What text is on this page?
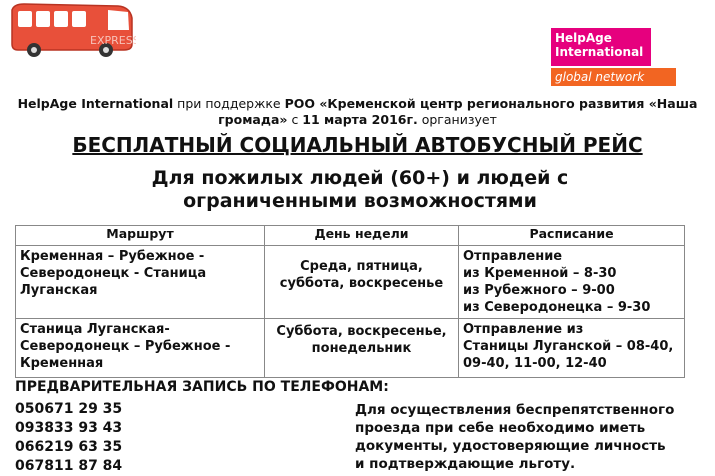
EXPRESS	HelpAge
International
global network
HelpAge International при поддержке РОО «Кременской центр регионального развития «Наша громада» с 11 марта 2016г. организует
БЕСПЛАТНЫЙ СОЦИАЛЬНЫЙ АВТОБУСНЫЙ РЕЙС
Для пожилых людей (60+) и людей с ограниченными возможностями
Маршрут	День недели	Расписание
Кременная – Рубежное - Северодонецк - Станица Луганская	Среда, пятница, суббота, воскресенье	Отправление
из Кременной – 8-30
из Рубежного – 9-00
из Северодонецка – 9-30

Станица Луганская- Северодонецк – Рубежное - Кременная	Суббота, воскресенье, понедельник	Отправление из
Станицы Луганской – 08-40,
09-40, 11-00, 12-40
ПРЕДВАРИТЕЛЬНАЯ ЗАПИСЬ ПО ТЕЛЕФОНАМ:
050671 29 35
093833 93 43
066219 63 35
067811 87 84
Для осуществления беспрепятственного
проезда при себе необходимо иметь
документы, удостоверяющие личность
и подтверждающие льготу.
